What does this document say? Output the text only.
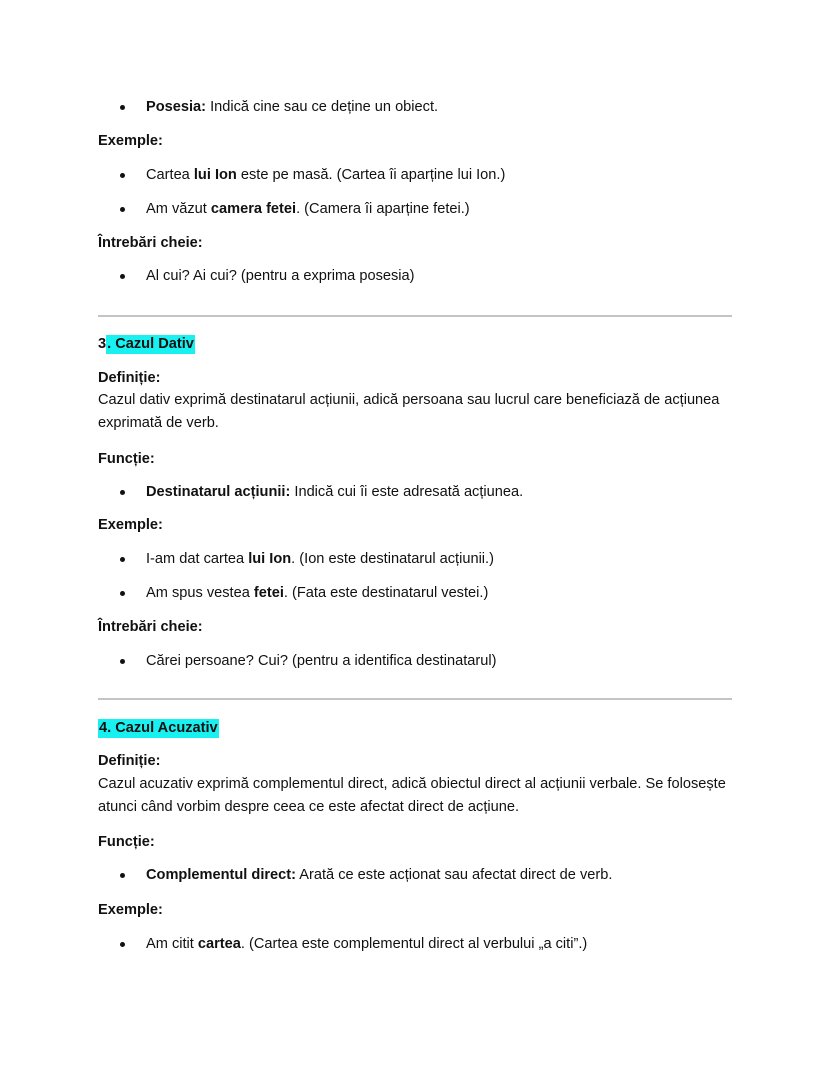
Posesia: Indică cine sau ce deține un obiect.
Exemple:
Cartea lui Ion este pe masă. (Cartea îi aparține lui Ion.)
Am văzut camera fetei. (Camera îi aparține fetei.)
Întrebări cheie:
Al cui? Ai cui? (pentru a exprima posesia)
3. Cazul Dativ
Definiție:
Cazul dativ exprimă destinatarul acțiunii, adică persoana sau lucrul care beneficiază de acțiunea exprimată de verb.
Funcție:
Destinatarul acțiunii: Indică cui îi este adresată acțiunea.
Exemple:
I-am dat cartea lui Ion. (Ion este destinatarul acțiunii.)
Am spus vestea fetei. (Fata este destinatarul vestei.)
Întrebări cheie:
Cărei persoane? Cui? (pentru a identifica destinatarul)
4. Cazul Acuzativ
Definiție:
Cazul acuzativ exprimă complementul direct, adică obiectul direct al acțiunii verbale. Se folosește atunci când vorbim despre ceea ce este afectat direct de acțiune.
Funcție:
Complementul direct: Arată ce este acționat sau afectat direct de verb.
Exemple:
Am citit cartea. (Cartea este complementul direct al verbului „a citi”.)
